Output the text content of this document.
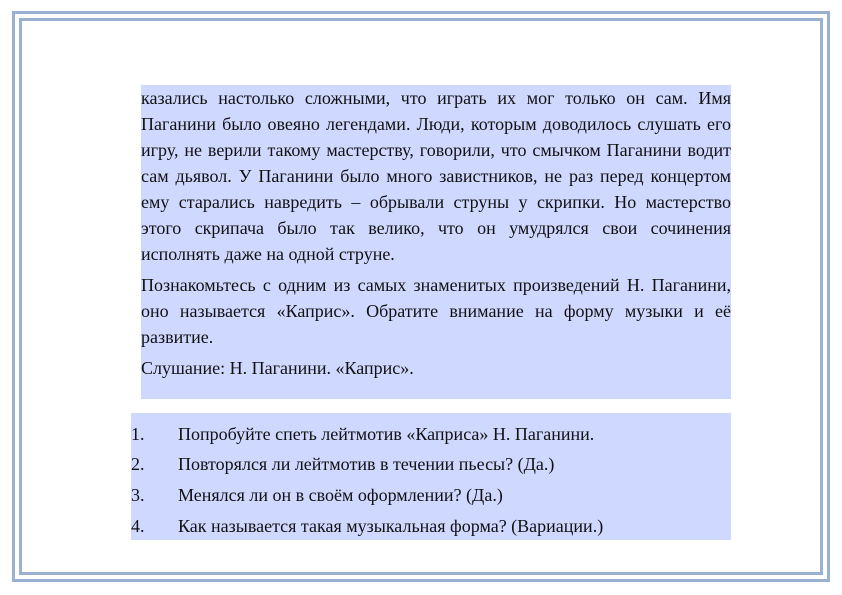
казались настолько сложными, что играть их мог только он сам. Имя Паганини было овеяно легендами. Люди, которым доводилось слушать его игру, не верили такому мастерству, говорили, что смычком Паганини водит сам дьявол. У Паганини было много завистников, не раз перед концертом ему старались навредить – обрывали струны у скрипки. Но мастерство этого скрипача было так велико, что он умудрялся свои сочинения исполнять даже на одной струне.

Познакомьтесь с одним из самых знаменитых произведений Н. Паганини, оно называется «Каприс». Обратите внимание на форму музыки и её развитие.

Слушание: Н. Паганини. «Каприс».

1.	Попробуйте спеть лейтмотив «Каприса» Н. Паганини.
2.	Повторялся ли лейтмотив в течении пьесы? (Да.)
3.	Менялся ли он в своём оформлении? (Да.)
4.	Как называется такая музыкальная форма? (Вариации.)
